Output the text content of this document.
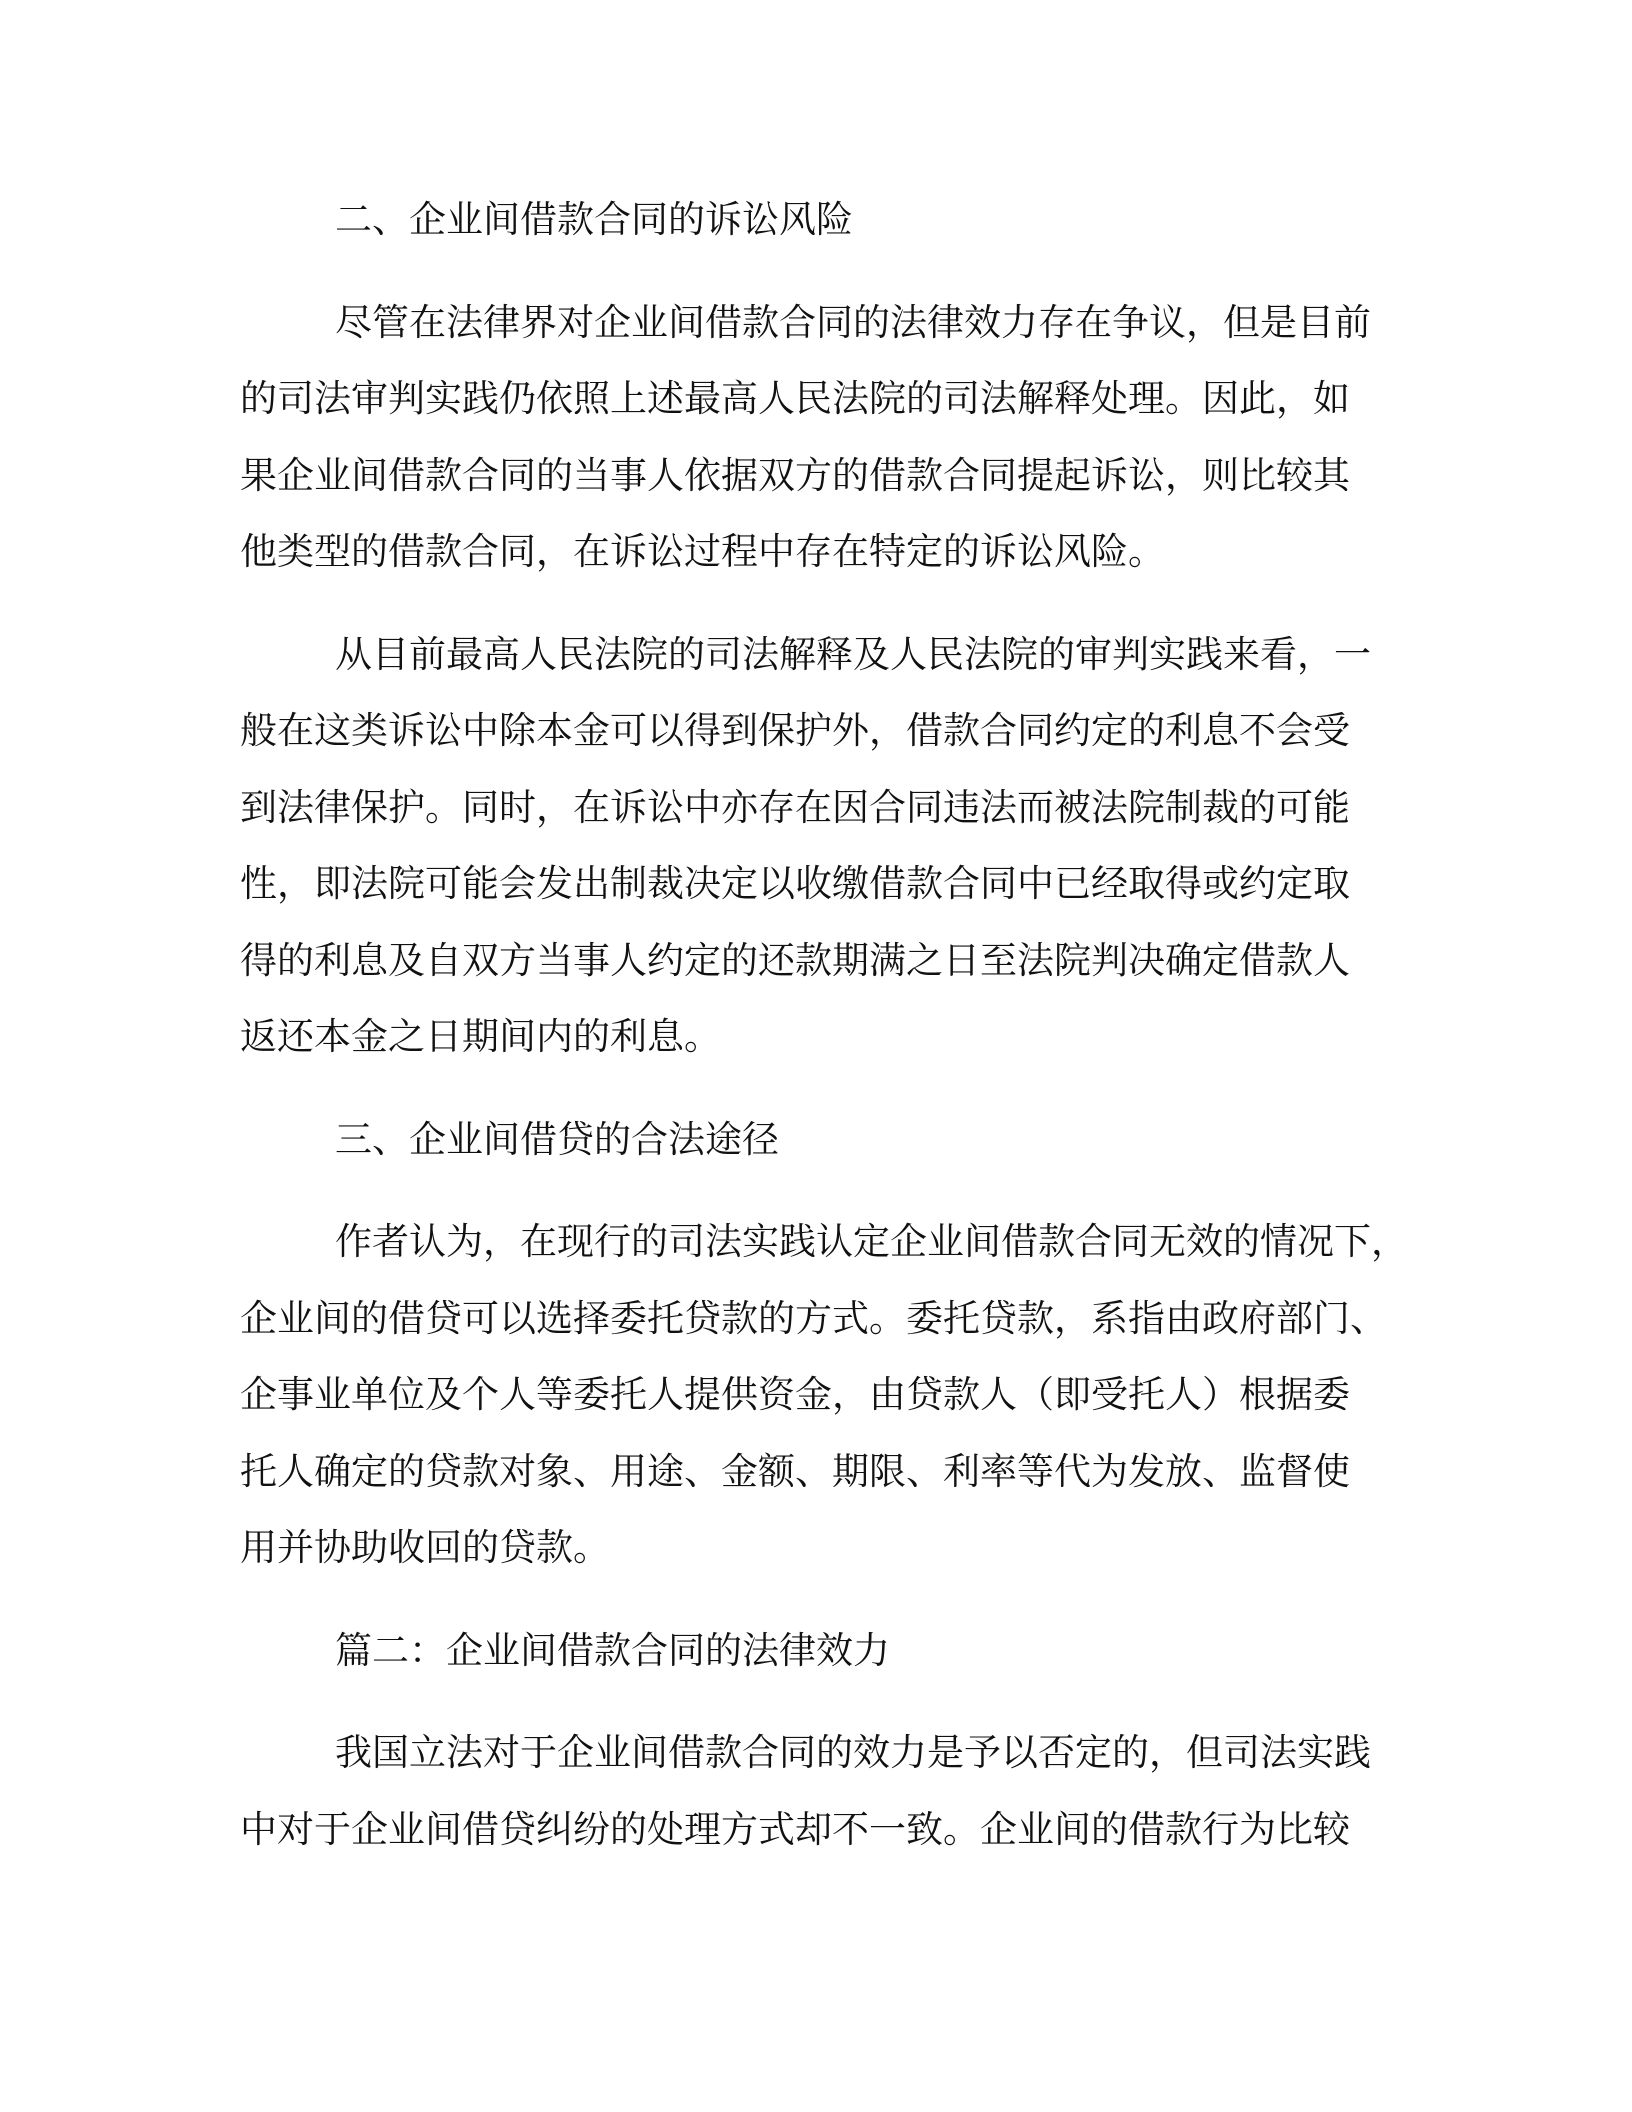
二、企业间借款合同的诉讼风险
尽管在法律界对企业间借款合同的法律效力存在争议，但是目前
的司法审判实践仍依照上述最高人民法院的司法解释处理。因此，如
果企业间借款合同的当事人依据双方的借款合同提起诉讼，则比较其
他类型的借款合同，在诉讼过程中存在特定的诉讼风险。
从目前最高人民法院的司法解释及人民法院的审判实践来看，一
般在这类诉讼中除本金可以得到保护外，借款合同约定的利息不会受
到法律保护。同时，在诉讼中亦存在因合同违法而被法院制裁的可能
性，即法院可能会发出制裁决定以收缴借款合同中已经取得或约定取
得的利息及自双方当事人约定的还款期满之日至法院判决确定借款人
返还本金之日期间内的利息。
三、企业间借贷的合法途径
作者认为，在现行的司法实践认定企业间借款合同无效的情况下，
企业间的借贷可以选择委托贷款的方式。委托贷款，系指由政府部门、
企事业单位及个人等委托人提供资金，由贷款人（即受托人）根据委
托人确定的贷款对象、用途、金额、期限、利率等代为发放、监督使
用并协助收回的贷款。
篇二：企业间借款合同的法律效力
我国立法对于企业间借款合同的效力是予以否定的，但司法实践
中对于企业间借贷纠纷的处理方式却不一致。企业间的借款行为比较
